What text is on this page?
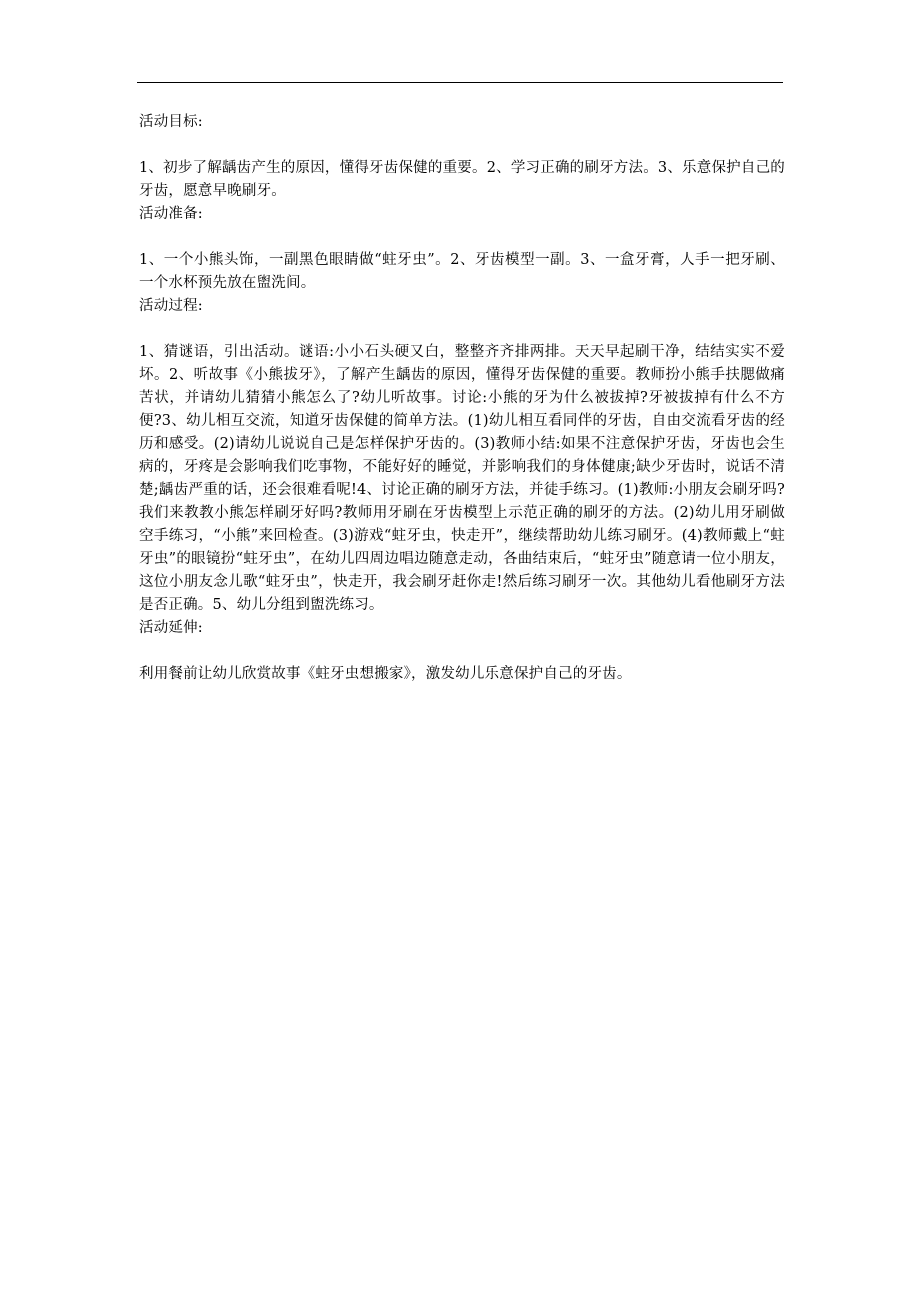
活动目标:

1、初步了解龋齿产生的原因，懂得牙齿保健的重要。2、学习正确的刷牙方法。3、乐意保护自己的牙齿，愿意早晚刷牙。

活动准备:

1、一个小熊头饰，一副黑色眼睛做“蛀牙虫”。2、牙齿模型一副。3、一盒牙膏，人手一把牙刷、一个水杯预先放在盥洗间。

活动过程:

1、猜谜语，引出活动。谜语:小小石头硬又白，整整齐齐排两排。天天早起刷干净，结结实实不爱坏。2、听故事《小熊拔牙》，了解产生龋齿的原因，懂得牙齿保健的重要。教师扮小熊手扶腮做痛苦状，并请幼儿猜猜小熊怎么了?幼儿听故事。讨论:小熊的牙为什么被拔掉?牙被拔掉有什么不方便?3、幼儿相互交流，知道牙齿保健的简单方法。(1)幼儿相互看同伴的牙齿，自由交流看牙齿的经历和感受。(2)请幼儿说说自己是怎样保护牙齿的。(3)教师小结:如果不注意保护牙齿，牙齿也会生病的，牙疼是会影响我们吃事物，不能好好的睡觉，并影响我们的身体健康;缺少牙齿时，说话不清楚;龋齿严重的话，还会很难看呢!4、讨论正确的刷牙方法，并徒手练习。(1)教师:小朋友会刷牙吗?我们来教教小熊怎样刷牙好吗?教师用牙刷在牙齿模型上示范正确的刷牙的方法。(2)幼儿用牙刷做空手练习，“小熊”来回检查。(3)游戏“蛀牙虫，快走开”，继续帮助幼儿练习刷牙。(4)教师戴上“蛀牙虫”的眼镜扮“蛀牙虫”，在幼儿四周边唱边随意走动，各曲结束后，“蛀牙虫”随意请一位小朋友，这位小朋友念儿歌“蛀牙虫”，快走开，我会刷牙赶你走!然后练习刷牙一次。其他幼儿看他刷牙方法是否正确。5、幼儿分组到盥洗练习。

活动延伸:

利用餐前让幼儿欣赏故事《蛀牙虫想搬家》，激发幼儿乐意保护自己的牙齿。
